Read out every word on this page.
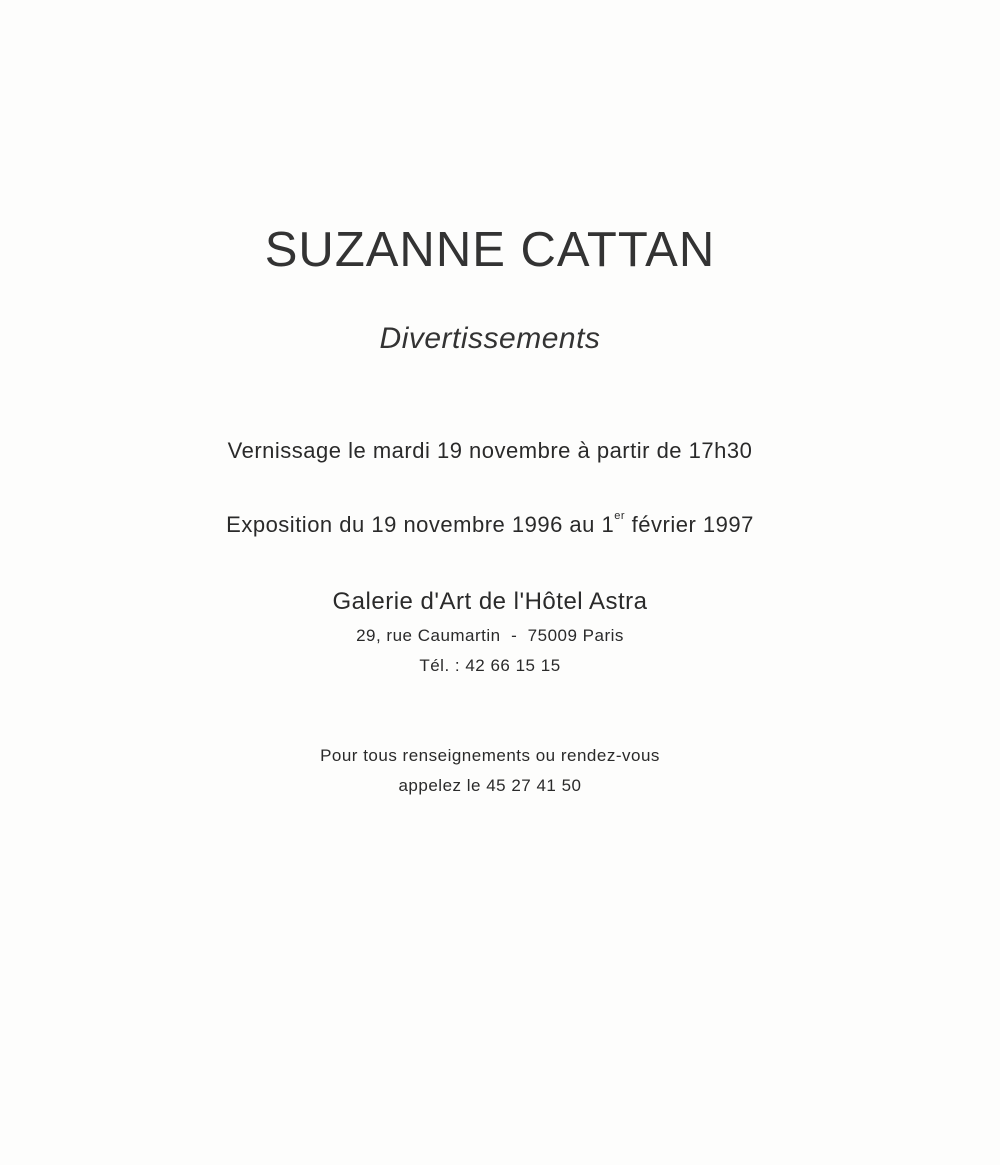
SUZANNE CATTAN
Divertissements
Vernissage le mardi 19 novembre à partir de 17h30
Exposition du 19 novembre 1996 au 1er février 1997
Galerie d'Art de l'Hôtel Astra
29, rue Caumartin  -  75009 Paris
Tél. : 42 66 15 15
Pour tous renseignements ou rendez-vous
appelez le 45 27 41 50
